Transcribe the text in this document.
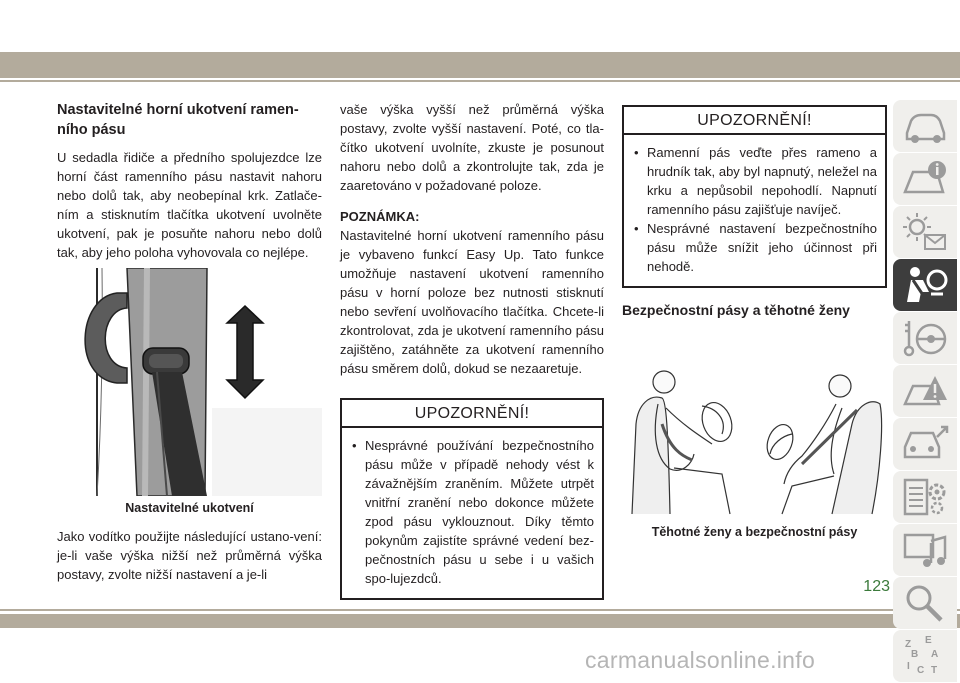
Nastavitelné horní ukotvení ramen-ního pásu

U sedadla řidiče a předního spolujezdce lze horní část ramenního pásu nastavit nahoru nebo dolů tak, aby neobepínal krk. Zatlače-ním a stisknutím tlačítka ukotvení uvolněte ukotvení, pak je posuňte nahoru nebo dolů tak, aby jeho poloha vyhovovala co nejlépe.

Nastavitelné ukotvení

Jako vodítko použijte následující ustano-vení: je-li vaše výška nižší než průměrná výška postavy, zvolte nižší nastavení a je-li

vaše výška vyšší než průměrná výška postavy, zvolte vyšší nastavení. Poté, co tla-čítko ukotvení uvolníte, zkuste je posunout nahoru nebo dolů a zkontrolujte tak, zda je zaaretováno v požadované poloze.

POZNÁMKA:

Nastavitelné horní ukotvení ramenního pásu je vybaveno funkcí Easy Up. Tato funkce umožňuje nastavení ukotvení ramenního pásu v horní poloze bez nutnosti stisknutí nebo sevření uvolňovacího tlačítka. Chcete-li zkontrolovat, zda je ukotvení ramenního pásu zajištěno, zatáhněte za ukotvení ramenního pásu směrem dolů, dokud se nezaaretuje.

UPOZORNĚNÍ!
• Nesprávné používání bezpečnostního pásu může v případě nehody vést k závažnějším zraněním. Můžete utrpět vnitřní zranění nebo dokonce můžete zpod pásu vyklouznout. Díky těmto pokynům zajistíte správné vedení bez-pečnostních pásu u sebe i u vašich spo-lujezdců.
UPOZORNĚNÍ!
• Ramenní pás veďte přes rameno a hrudník tak, aby byl napnutý, neležel na krku a nepůsobil nepohodlí. Napnutí ramenního pásu zajišťuje navíječ.
• Nesprávné nastavení bezpečnostního pásu může snížit jeho účinnost při nehodě.
Bezpečnostní pásy a těhotné ženy
Těhotné ženy a bezpečnostní pásy
Z E
B A
I C T
123
carmanualsonline.info
